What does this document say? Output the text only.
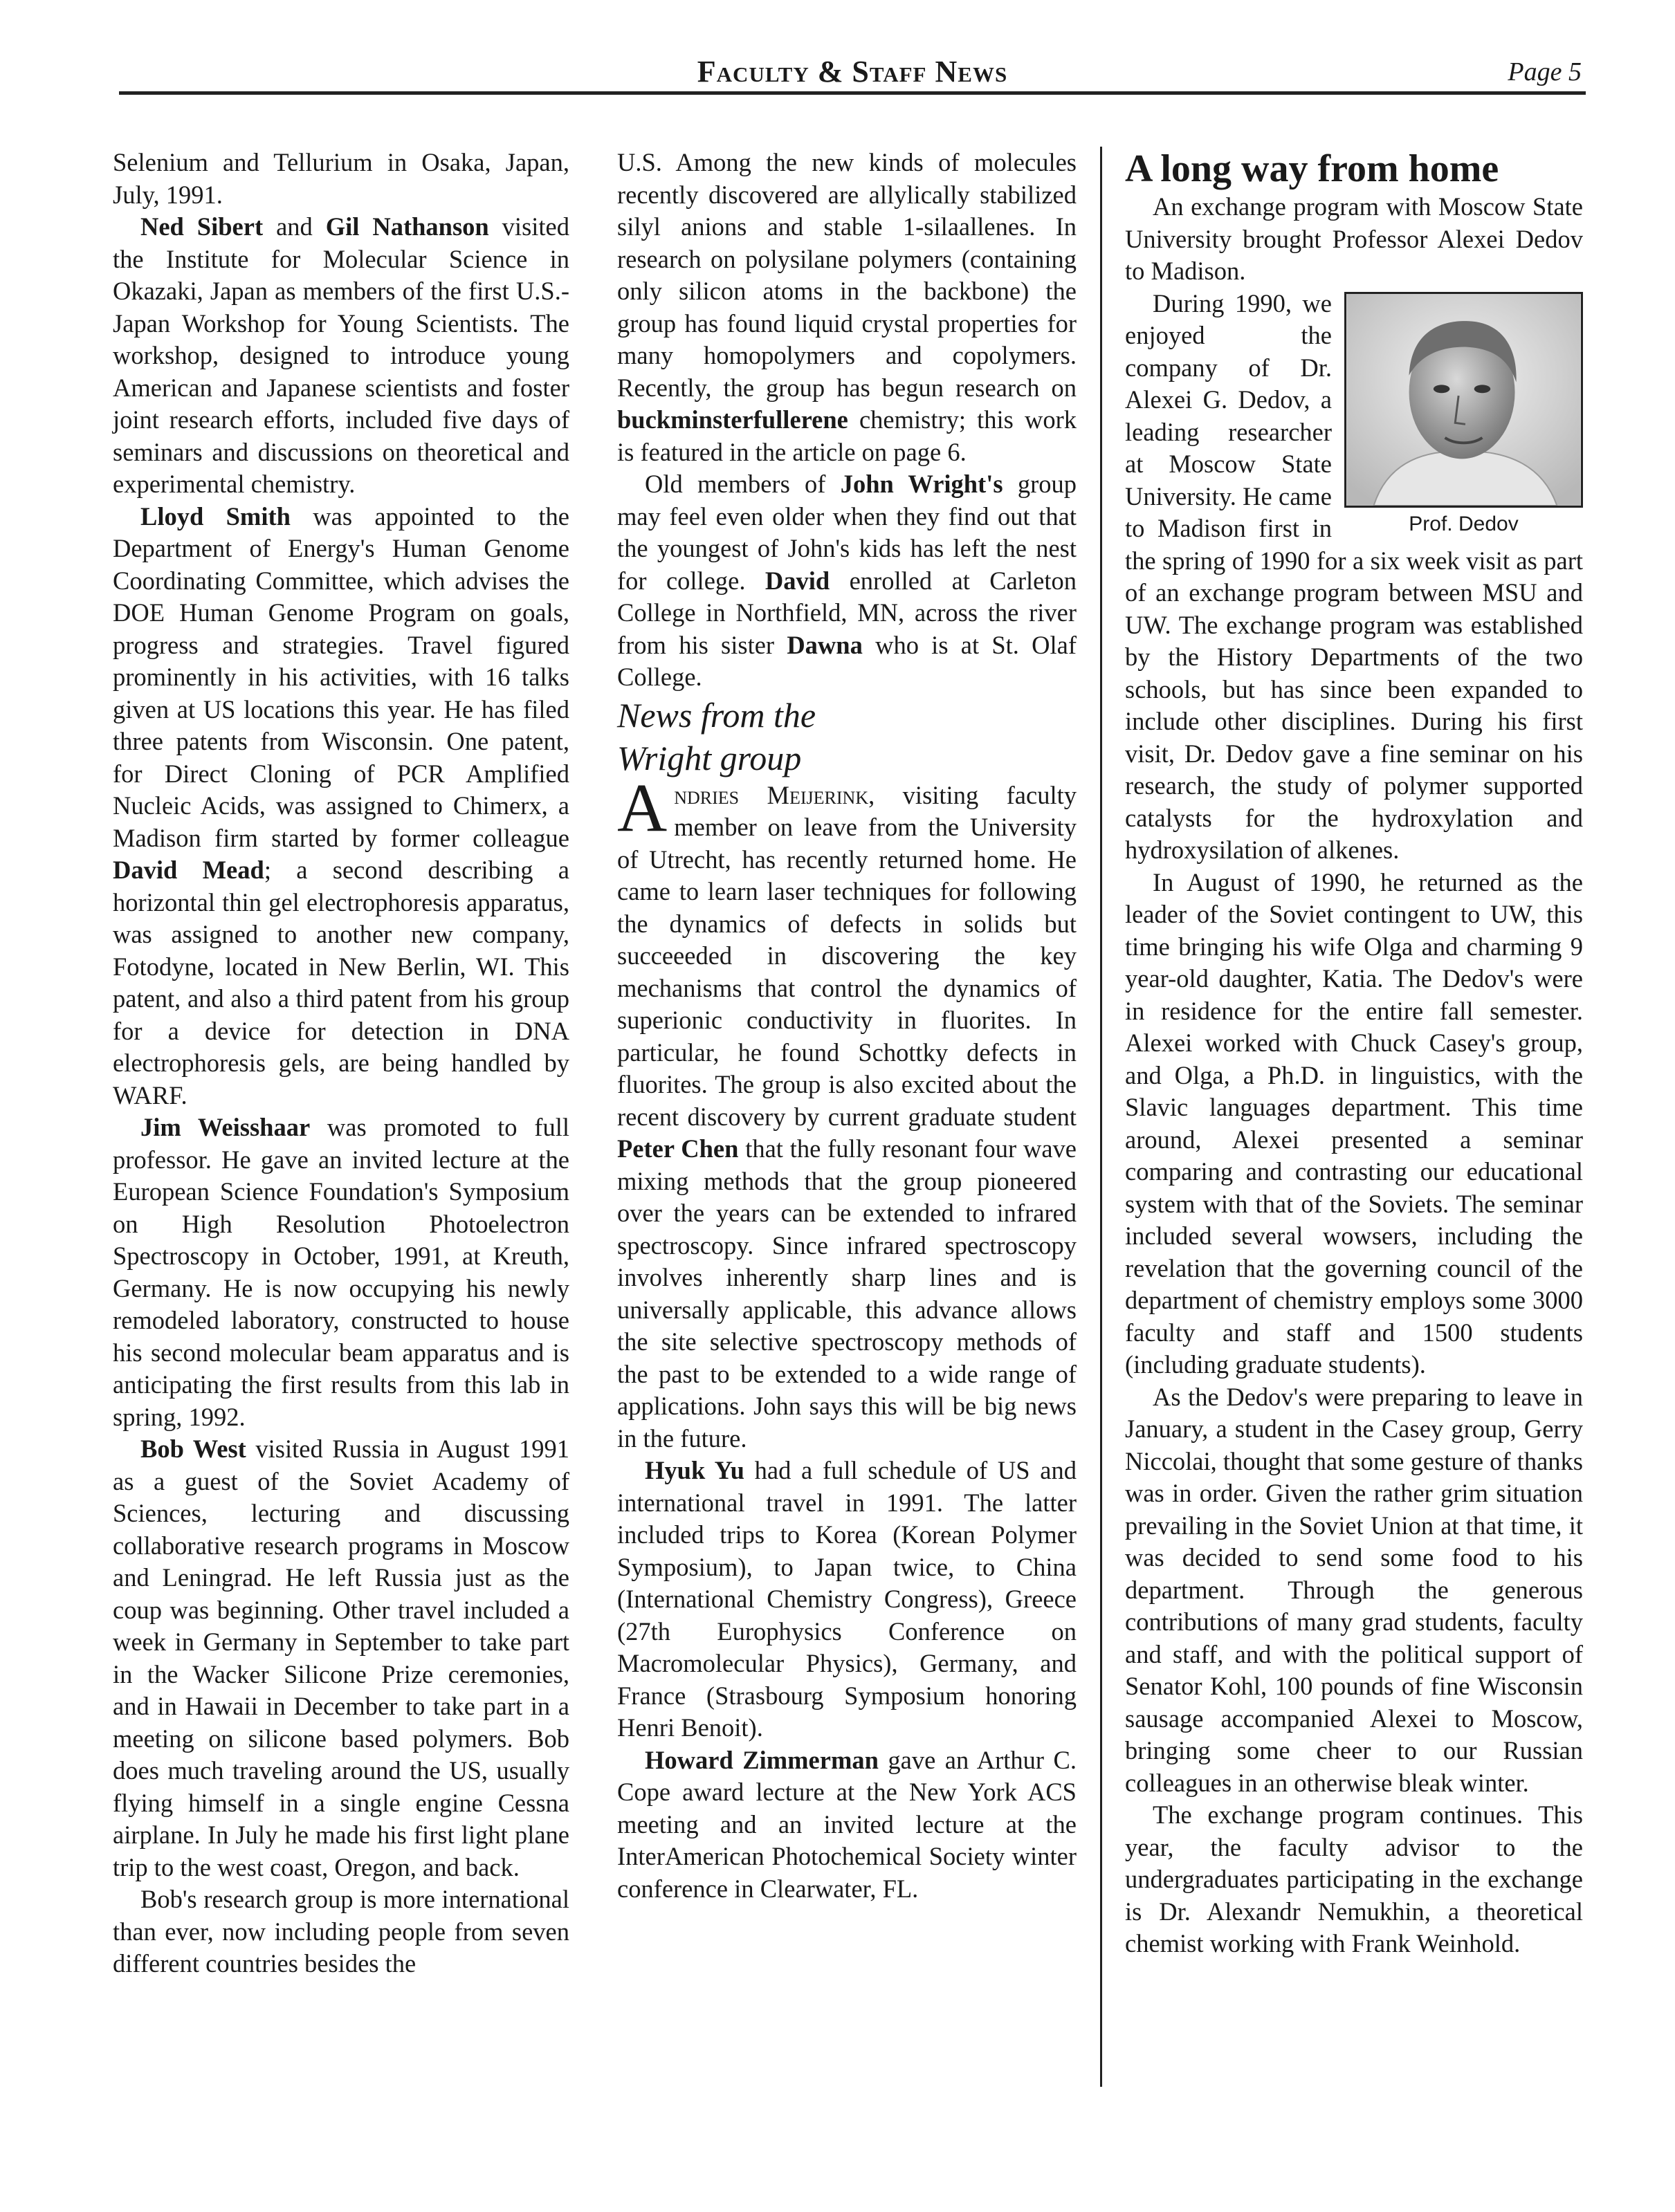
Faculty & Staff News	Page 5

Selenium and Tellurium in Osaka, Japan, July, 1991.

Ned Sibert and Gil Nathanson visited the Institute for Molecular Science in Okazaki, Japan as members of the first U.S.-Japan Workshop for Young Scientists. The workshop, designed to introduce young American and Japanese scientists and foster joint research efforts, included five days of seminars and discussions on theoretical and experimental chemistry.

Lloyd Smith was appointed to the Department of Energy's Human Genome Coordinating Committee, which advises the DOE Human Genome Program on goals, progress and strategies. Travel figured prominently in his activities, with 16 talks given at US locations this year. He has filed three patents from Wisconsin. One patent, for Direct Cloning of PCR Amplified Nucleic Acids, was assigned to Chimerx, a Madison firm started by former colleague David Mead; a second describing a horizontal thin gel electrophoresis apparatus, was assigned to another new company, Fotodyne, located in New Berlin, WI. This patent, and also a third patent from his group for a device for detection in DNA electrophoresis gels, are being handled by WARF.

Jim Weisshaar was promoted to full professor. He gave an invited lecture at the European Science Foundation's Symposium on High Resolution Photoelectron Spectroscopy in October, 1991, at Kreuth, Germany. He is now occupying his newly remodeled laboratory, constructed to house his second molecular beam apparatus and is anticipating the first results from this lab in spring, 1992.

Bob West visited Russia in August 1991 as a guest of the Soviet Academy of Sciences, lecturing and discussing collaborative research programs in Moscow and Leningrad. He left Russia just as the coup was beginning. Other travel included a week in Germany in September to take part in the Wacker Silicone Prize ceremonies, and in Hawaii in December to take part in a meeting on silicone based polymers. Bob does much traveling around the US, usually flying himself in a single engine Cessna airplane. In July he made his first light plane trip to the west coast, Oregon, and back.

Bob's research group is more international than ever, now including people from seven different countries besides the

U.S. Among the new kinds of molecules recently discovered are allylically stabilized silyl anions and stable 1-silaallenes. In research on polysilane polymers (containing only silicon atoms in the backbone) the group has found liquid crystal properties for many homopolymers and copolymers. Recently, the group has begun research on buckminsterfullerene chemistry; this work is featured in the article on page 6.

Old members of John Wright's group may feel even older when they find out that the youngest of John's kids has left the nest for college. David enrolled at Carleton College in Northfield, MN, across the river from his sister Dawna who is at St. Olaf College.

News from the
Wright group

Andries Meijerink, visiting faculty member on leave from the University of Utrecht, has recently returned home. He came to learn laser techniques for following the dynamics of defects in solids but succeeeded in discovering the key mechanisms that control the dynamics of superionic conductivity in fluorites. In particular, he found Schottky defects in fluorites. The group is also excited about the recent discovery by current graduate student Peter Chen that the fully resonant four wave mixing methods that the group pioneered over the years can be extended to infrared spectroscopy. Since infrared spectroscopy involves inherently sharp lines and is universally applicable, this advance allows the site selective spectroscopy methods of the past to be extended to a wide range of applications. John says this will be big news in the future.

Hyuk Yu had a full schedule of US and international travel in 1991. The latter included trips to Korea (Korean Polymer Symposium), to Japan twice, to China (International Chemistry Congress), Greece (27th Europhysics Conference on Macromolecular Physics), Germany, and France (Strasbourg Symposium honoring Henri Benoit).

Howard Zimmerman gave an Arthur C. Cope award lecture at the New York ACS meeting and an invited lecture at the InterAmerican Photochemical Society winter conference in Clearwater, FL.

A long way from home

An exchange program with Moscow State University brought Professor Alexei Dedov to Madison.

Prof. Dedov

During 1990, we enjoyed the company of Dr. Alexei G. Dedov, a leading researcher at Moscow State University. He came to Madison first in the spring of 1990 for a six week visit as part of an exchange program between MSU and UW. The exchange program was established by the History Departments of the two schools, but has since been expanded to include other disciplines. During his first visit, Dr. Dedov gave a fine seminar on his research, the study of polymer supported catalysts for the hydroxylation and hydroxysilation of alkenes.

In August of 1990, he returned as the leader of the Soviet contingent to UW, this time bringing his wife Olga and charming 9 year-old daughter, Katia. The Dedov's were in residence for the entire fall semester. Alexei worked with Chuck Casey's group, and Olga, a Ph.D. in linguistics, with the Slavic languages department. This time around, Alexei presented a seminar comparing and contrasting our educational system with that of the Soviets. The seminar included several wowsers, including the revelation that the governing council of the department of chemistry employs some 3000 faculty and staff and 1500 students (including graduate students).

As the Dedov's were preparing to leave in January, a student in the Casey group, Gerry Niccolai, thought that some gesture of thanks was in order. Given the rather grim situation prevailing in the Soviet Union at that time, it was decided to send some food to his department. Through the generous contributions of many grad students, faculty and staff, and with the political support of Senator Kohl, 100 pounds of fine Wisconsin sausage accompanied Alexei to Moscow, bringing some cheer to our Russian colleagues in an otherwise bleak winter.

The exchange program continues. This year, the faculty advisor to the undergraduates participating in the exchange is Dr. Alexandr Nemukhin, a theoretical chemist working with Frank Weinhold.
